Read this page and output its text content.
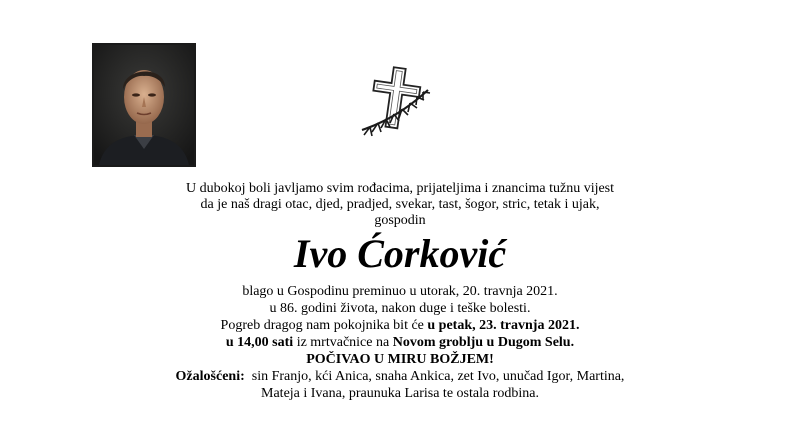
U dubokoj boli javljamo svim rođacima, prijateljima i znancima tužnu vijest
da je naš dragi otac, djed, pradjed, svekar, tast, šogor, stric, tetak i ujak,
gospodin
Ivo Ćorković
blago u Gospodinu preminuo u utorak, 20. travnja 2021.
u 86. godini života, nakon duge i teške bolesti.
Pogreb dragog nam pokojnika bit će u petak, 23. travnja 2021.
u 14,00 sati iz mrtvačnice na Novom groblju u Dugom Selu.
POČIVAO U MIRU BOŽJEM!
Ožalošćeni:  sin Franjo, kći Anica, snaha Ankica, zet Ivo, unučad Igor, Martina,
Mateja i Ivana, praunuka Larisa te ostala rodbina.
